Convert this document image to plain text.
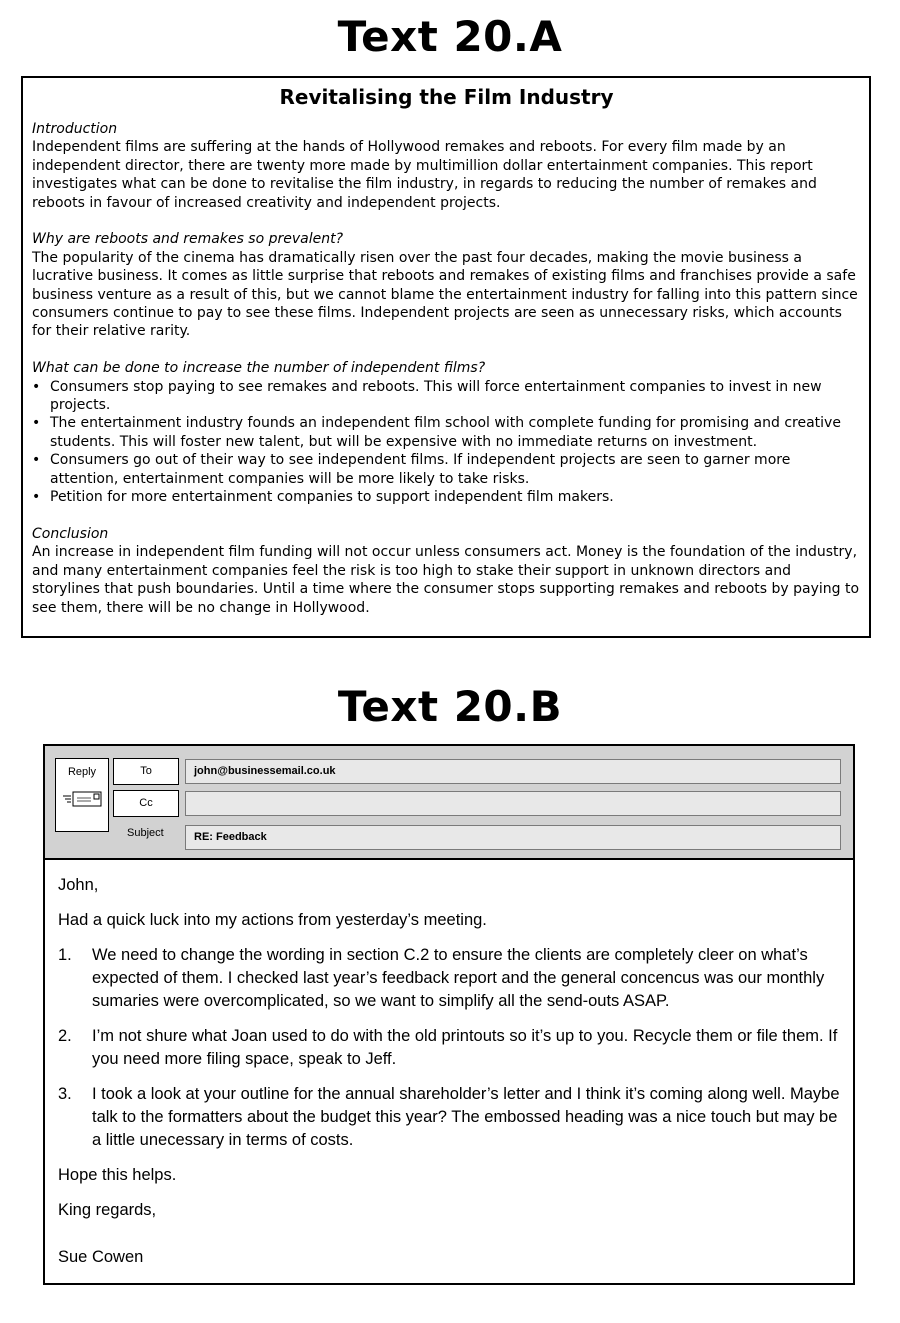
Text 20.A
Revitalising the Film Industry
Introduction

Independent films are suffering at the hands of Hollywood remakes and reboots. For every film made by an independent director, there are twenty more made by multimillion dollar entertainment companies. This report investigates what can be done to revitalise the film industry, in regards to reducing the number of remakes and reboots in favour of increased creativity and independent projects.

Why are reboots and remakes so prevalent?

The popularity of the cinema has dramatically risen over the past four decades, making the movie business a lucrative business. It comes as little surprise that reboots and remakes of existing films and franchises provide a safe business venture as a result of this, but we cannot blame the entertainment industry for falling into this pattern since consumers continue to pay to see these films. Independent projects are seen as unnecessary risks, which accounts for their relative rarity.

What can be done to increase the number of independent films?
• Consumers stop paying to see remakes and reboots. This will force entertainment companies to invest in new projects.
• The entertainment industry founds an independent film school with complete funding for promising and creative students. This will foster new talent, but will be expensive with no immediate returns on investment.
• Consumers go out of their way to see independent films. If independent projects are seen to garner more attention, entertainment companies will be more likely to take risks.
• Petition for more entertainment companies to support independent film makers.
Conclusion

An increase in independent film funding will not occur unless consumers act. Money is the foundation of the industry, and many entertainment companies feel the risk is too high to stake their support in unknown directors and storylines that push boundaries. Until a time where the consumer stops supporting remakes and reboots by paying to see them, there will be no change in Hollywood.

Text 20.B
Reply	To
Cc
Subject
john@businessemail.co.uk
RE: Feedback

John,

Had a quick luck into my actions from yesterday’s meeting.

1. We need to change the wording in section C.2 to ensure the clients are completely cleer on what’s expected of them. I checked last year’s feedback report and the general concencus was our monthly sumaries were overcomplicated, so we want to simplify all the send-outs ASAP.
2. I’m not shure what Joan used to do with the old printouts so it’s up to you. Recycle them or file them. If you need more filing space, speak to Jeff.
3. I took a look at your outline for the annual shareholder’s letter and I think it’s coming along well. Maybe talk to the formatters about the budget this year? The embossed heading was a nice touch but may be a little unecessary in terms of costs.

Hope this helps.

King regards,

Sue Cowen
